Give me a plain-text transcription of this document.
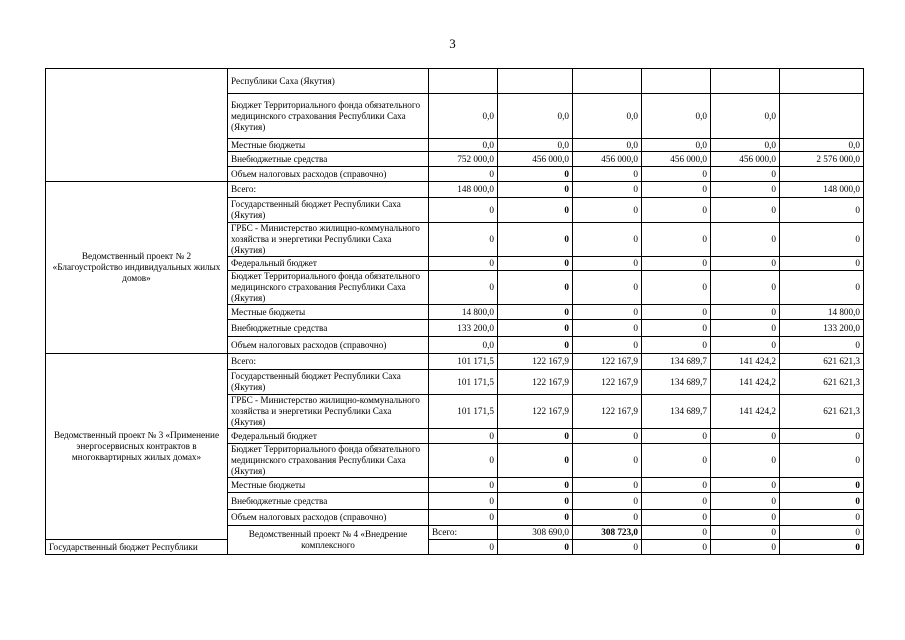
3
	Республики Саха (Якутия)							
	Бюджет Территориального фонда обязательного медицинского страхования Республики Саха (Якутия)	0,0	0,0	0,0	0,0	0,0		
	Местные бюджеты	0,0	0,0	0,0	0,0	0,0	0,0	
	Внебюджетные средства	752 000,0	456 000,0	456 000,0	456 000,0	456 000,0	2 576 000,0	
	Объем налоговых расходов (справочно)	0	0	0	0	0		
Ведомственный проект № 2 «Благоустройство индивидуальных жилых домов»	Всего:	148 000,0	0	0	0	0	148 000,0	
	Государственный бюджет Республики Саха (Якутия)	0	0	0	0	0	0	
	ГРБС - Министерство жилищно-коммунального хозяйства и энергетики Республики Саха (Якутия)	0	0	0	0	0	0	
	Федеральный бюджет	0	0	0	0	0	0	
	Бюджет Территориального фонда обязательного медицинского страхования Республики Саха (Якутия)	0	0	0	0	0	0	
	Местные бюджеты	14 800,0	0	0	0	0	14 800,0	
	Внебюджетные средства	133 200,0	0	0	0	0	133 200,0	
	Объем налоговых расходов (справочно)	0,0	0	0	0	0	0	
Ведомственный проект № 3 «Применение энергосервисных контрактов в многоквартирных жилых домах»	Всего:	101 171,5	122 167,9	122 167,9	134 689,7	141 424,2	621 621,3	
	Государственный бюджет Республики Саха (Якутия)	101 171,5	122 167,9	122 167,9	134 689,7	141 424,2	621 621,3	
	ГРБС - Министерство жилищно-коммунального хозяйства и энергетики Республики Саха (Якутия)	101 171,5	122 167,9	122 167,9	134 689,7	141 424,2	621 621,3	
	Федеральный бюджет	0	0	0	0	0	0	
	Бюджет Территориального фонда обязательного медицинского страхования Республики Саха (Якутия)	0	0	0	0	0	0	
	Местные бюджеты	0	0	0	0	0	0	
	Внебюджетные средства	0	0	0	0	0	0	
	Объем налоговых расходов (справочно)	0	0	0	0	0	0	
	Ведомственный проект № 4 «Внедрение комплексного	Всего:	308 690,0	308 723,0	0	0	0	
Государственный бюджет Республики		0	0	0	0	0	0	
